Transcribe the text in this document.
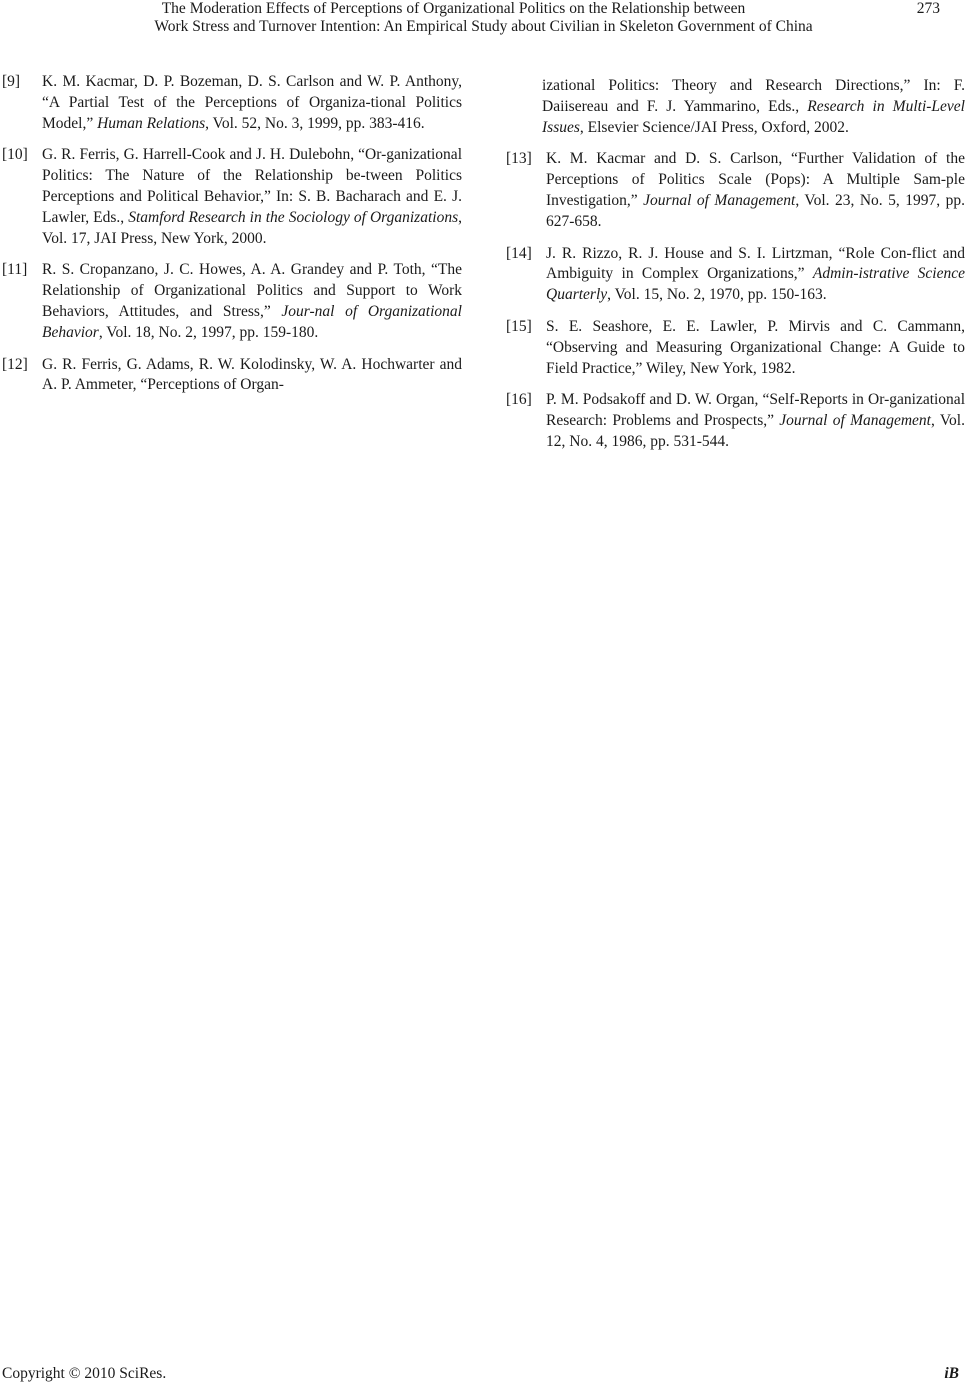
The Moderation Effects of Perceptions of Organizational Politics on the Relationship between
Work Stress and Turnover Intention: An Empirical Study about Civilian in Skeleton Government of China
273
[9] K. M. Kacmar, D. P. Bozeman, D. S. Carlson and W. P. Anthony, “A Partial Test of the Perceptions of Organiza-tional Politics Model,” Human Relations, Vol. 52, No. 3, 1999, pp. 383-416.
[10] G. R. Ferris, G. Harrell-Cook and J. H. Dulebohn, “Or-ganizational Politics: The Nature of the Relationship be-tween Politics Perceptions and Political Behavior,” In: S. B. Bacharach and E. J. Lawler, Eds., Stamford Research in the Sociology of Organizations, Vol. 17, JAI Press, New York, 2000.
[11] R. S. Cropanzano, J. C. Howes, A. A. Grandey and P. Toth, “The Relationship of Organizational Politics and Support to Work Behaviors, Attitudes, and Stress,” Jour-nal of Organizational Behavior, Vol. 18, No. 2, 1997, pp. 159-180.
[12] G. R. Ferris, G. Adams, R. W. Kolodinsky, W. A. Hochwarter and A. P. Ammeter, “Perceptions of Organ-
izational Politics: Theory and Research Directions,” In: F. Daiisereau and F. J. Yammarino, Eds., Research in Multi-Level Issues, Elsevier Science/JAI Press, Oxford, 2002.
[13] K. M. Kacmar and D. S. Carlson, “Further Validation of the Perceptions of Politics Scale (Pops): A Multiple Sam-ple Investigation,” Journal of Management, Vol. 23, No. 5, 1997, pp. 627-658.
[14] J. R. Rizzo, R. J. House and S. I. Lirtzman, “Role Con-flict and Ambiguity in Complex Organizations,” Admin-istrative Science Quarterly, Vol. 15, No. 2, 1970, pp. 150-163.
[15] S. E. Seashore, E. E. Lawler, P. Mirvis and C. Cammann, “Observing and Measuring Organizational Change: A Guide to Field Practice,” Wiley, New York, 1982.
[16] P. M. Podsakoff and D. W. Organ, “Self-Reports in Or-ganizational Research: Problems and Prospects,” Journal of Management, Vol. 12, No. 4, 1986, pp. 531-544.
Copyright © 2010 SciRes.	iB
